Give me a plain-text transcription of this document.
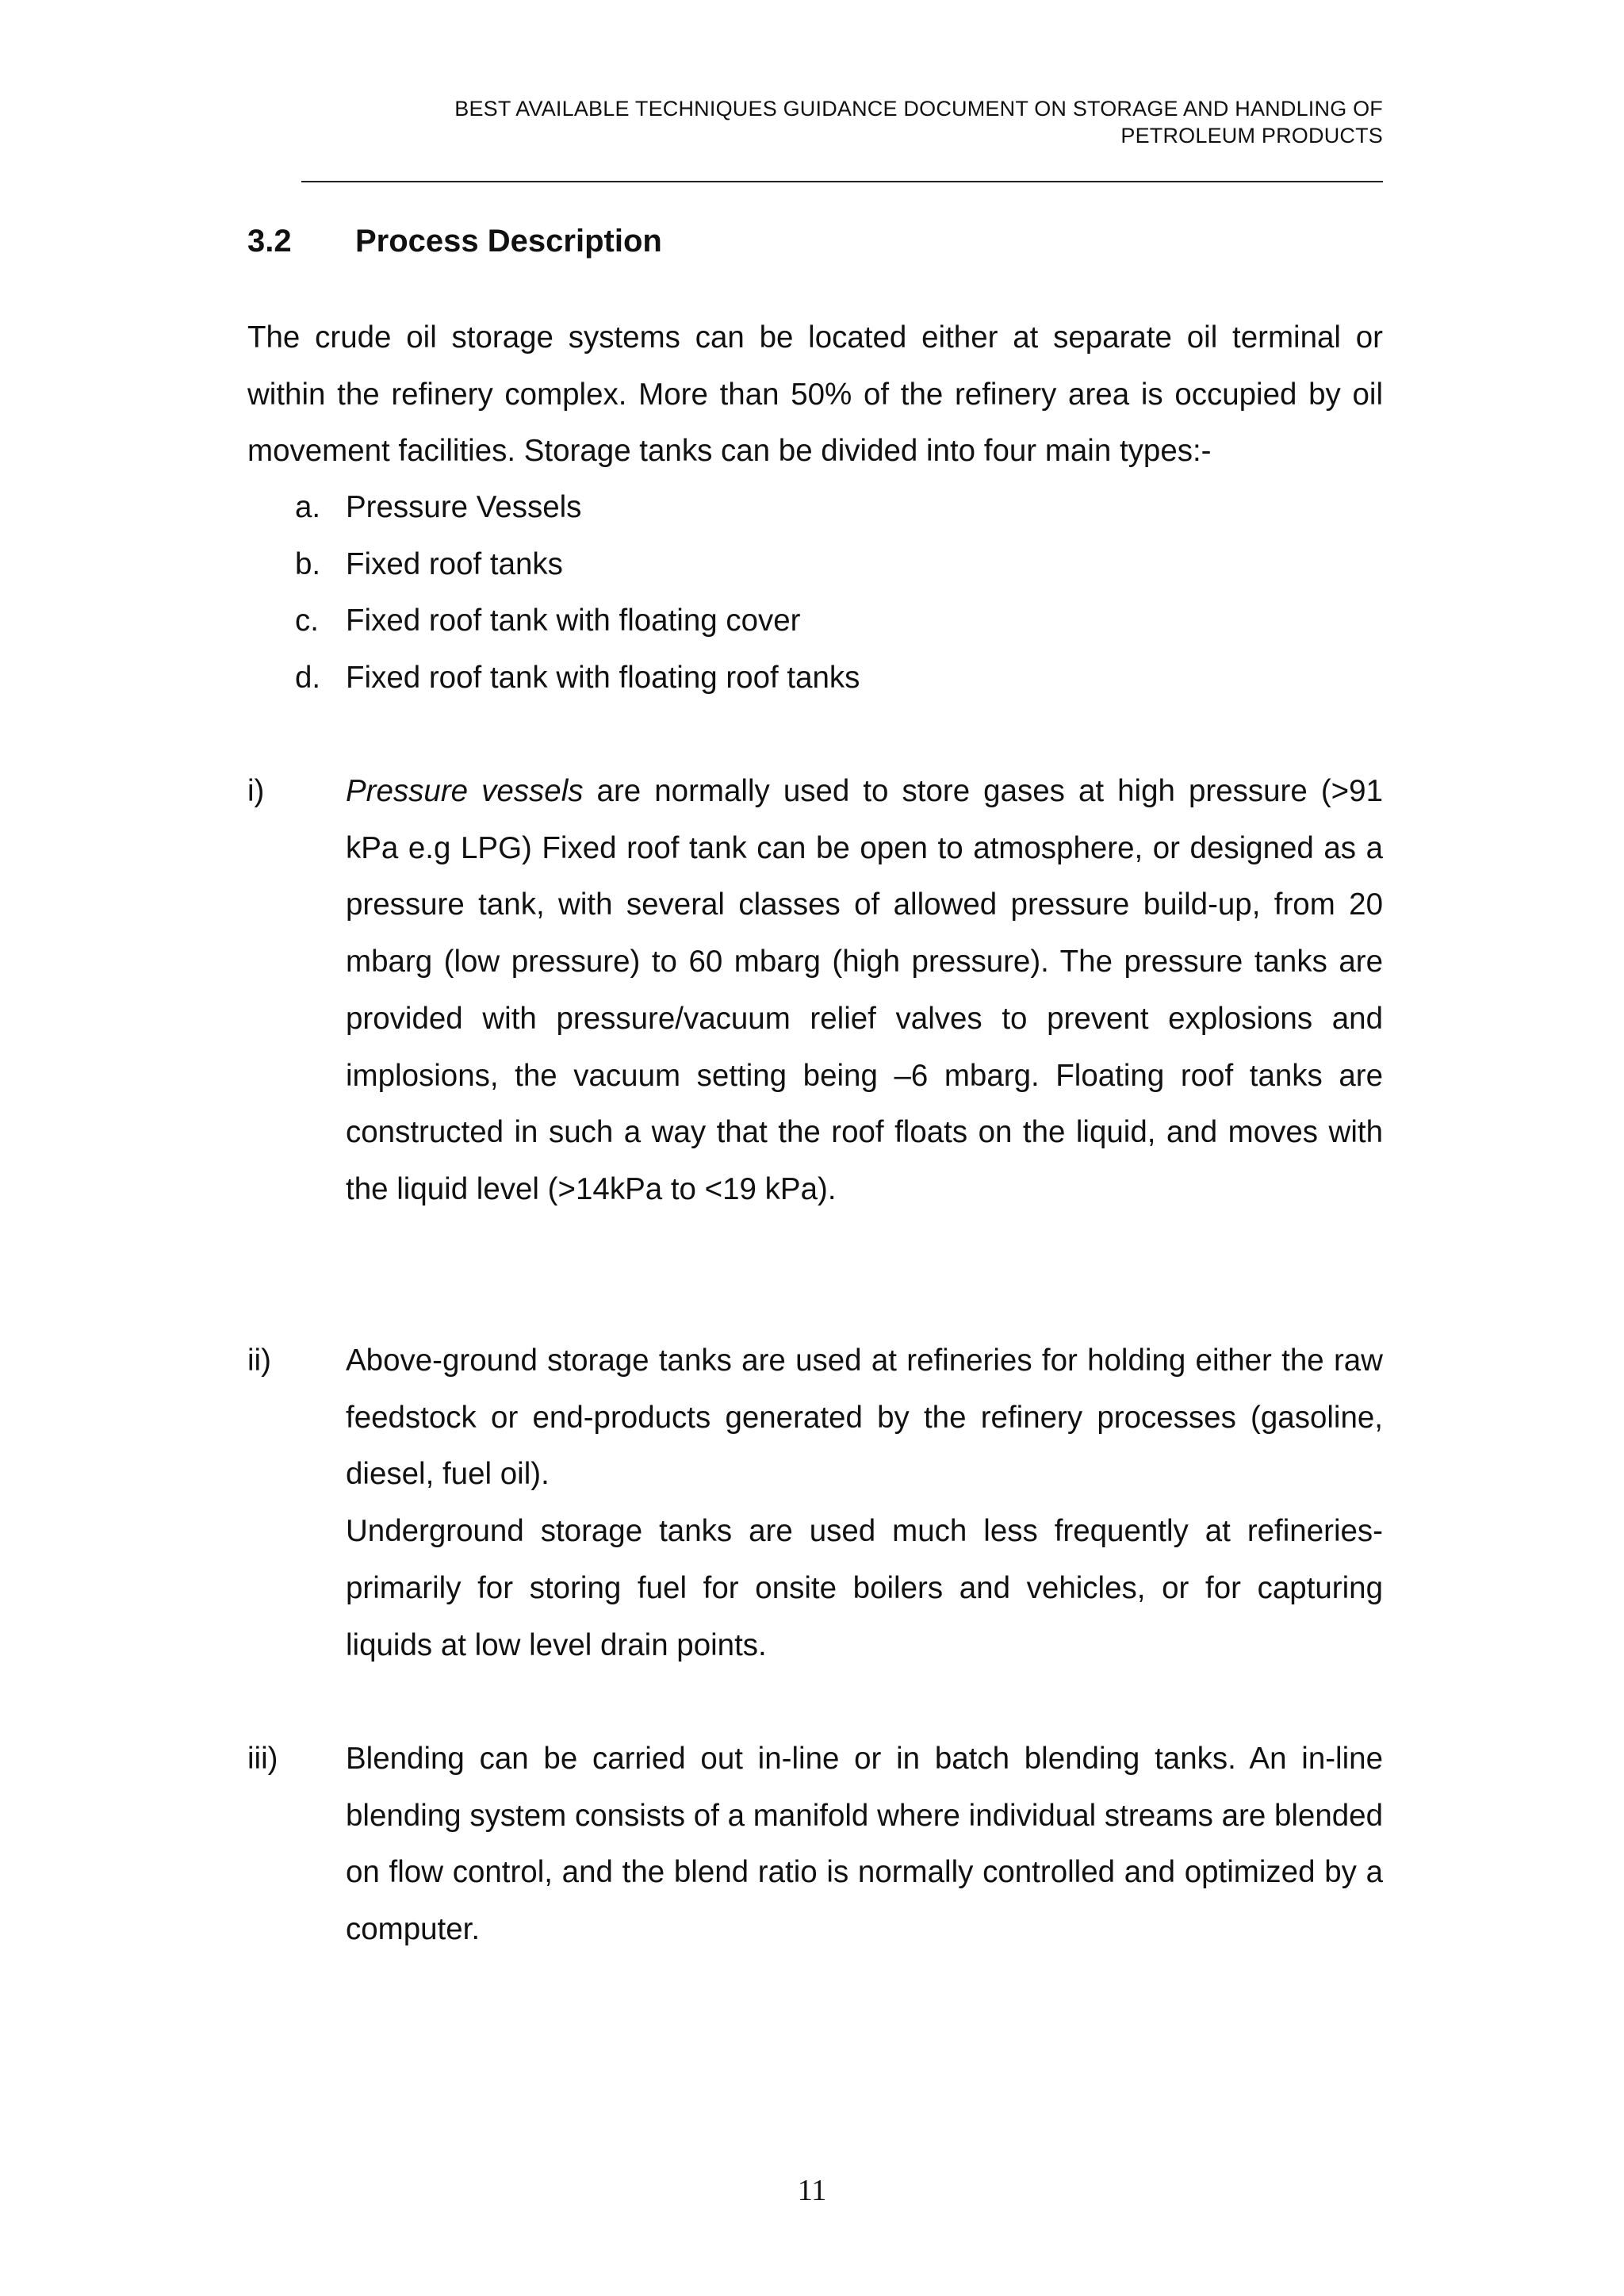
BEST AVAILABLE TECHNIQUES GUIDANCE DOCUMENT ON STORAGE AND HANDLING OF
PETROLEUM PRODUCTS
3.2 Process Description

The crude oil storage systems can be located either at separate oil terminal or within the refinery complex. More than 50% of the refinery area is occupied by oil movement facilities. Storage tanks can be divided into four main types:-

a. Pressure Vessels
b. Fixed roof tanks
c. Fixed roof tank with floating cover
d. Fixed roof tank with floating roof tanks
i)	Pressure vessels are normally used to store gases at high pressure (>91 kPa e.g LPG) Fixed roof tank can be open to atmosphere, or designed as a pressure tank, with several classes of allowed pressure build-up, from 20 mbarg (low pressure) to 60 mbarg (high pressure). The pressure tanks are provided with pressure/vacuum relief valves to prevent explosions and implosions, the vacuum setting being –6 mbarg. Floating roof tanks are constructed in such a way that the roof floats on the liquid, and moves with the liquid level (>14kPa to <19 kPa).

ii) Above-ground storage tanks are used at refineries for holding either the raw feedstock or end-products generated by the refinery processes (gasoline, diesel, fuel oil).

Underground storage tanks are used much less frequently at refineries-primarily for storing fuel for onsite boilers and vehicles, or for capturing liquids at low level drain points.

iii) Blending can be carried out in-line or in batch blending tanks. An in-line blending system consists of a manifold where individual streams are blended on flow control, and the blend ratio is normally controlled and optimized by a computer.

11
